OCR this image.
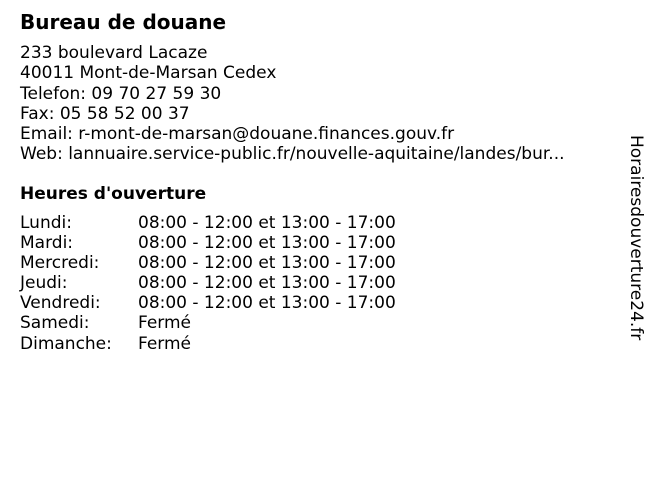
Bureau de douane
233 boulevard Lacaze
40011 Mont-de-Marsan Cedex
Telefon: 09 70 27 59 30
Fax: 05 58 52 00 37
Email: r-mont-de-marsan@douane.finances.gouv.fr
Web: lannuaire.service-public.fr/nouvelle-aquitaine/landes/bur...
Heures d'ouverture
Lundi:	08:00 - 12:00 et 13:00 - 17:00
Mardi:	08:00 - 12:00 et 13:00 - 17:00
Mercredi: 08:00 - 12:00 et 13:00 - 17:00
Jeudi:	08:00 - 12:00 et 13:00 - 17:00
Vendredi: 08:00 - 12:00 et 13:00 - 17:00
Samedi:	Fermé
Dimanche: Fermé
Horairesdouverture24.fr
